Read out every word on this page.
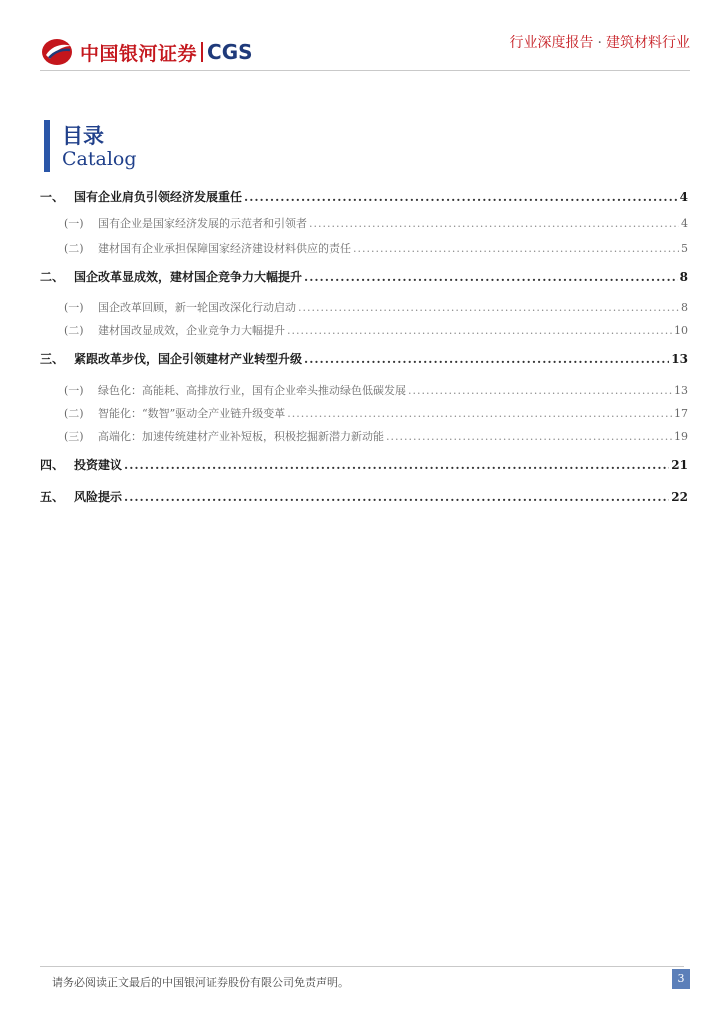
中国银河证券 CGS	行业深度报告 · 建筑材料行业
目录
Catalog
一、 国有企业肩负引领经济发展重任 .....	4
(一)	国有企业是国家经济发展的示范者和引领者 .....	4
(二)	建材国有企业承担保障国家经济建设材料供应的责任 .....	5
二、 国企改革显成效，建材国企竞争力大幅提升 .....	8
(一)	国企改革回顾，新一轮国改深化行动启动 .....	8
(二)	建材国改显成效，企业竞争力大幅提升 .....	10
三、 紧跟改革步伐，国企引领建材产业转型升级 .....	13
(一)	绿色化：高能耗、高排放行业，国有企业牵头推动绿色低碳发展 .....	13
(二)	智能化：“数智”驱动全产业链升级变革 .....	17
(三)	高端化：加速传统建材产业补短板，积极挖掘新潜力新动能 .....	19
四、 投资建议 .....	21
五、 风险提示 .....	22
请务必阅读正文最后的中国银河证券股份有限公司免责声明。	3
